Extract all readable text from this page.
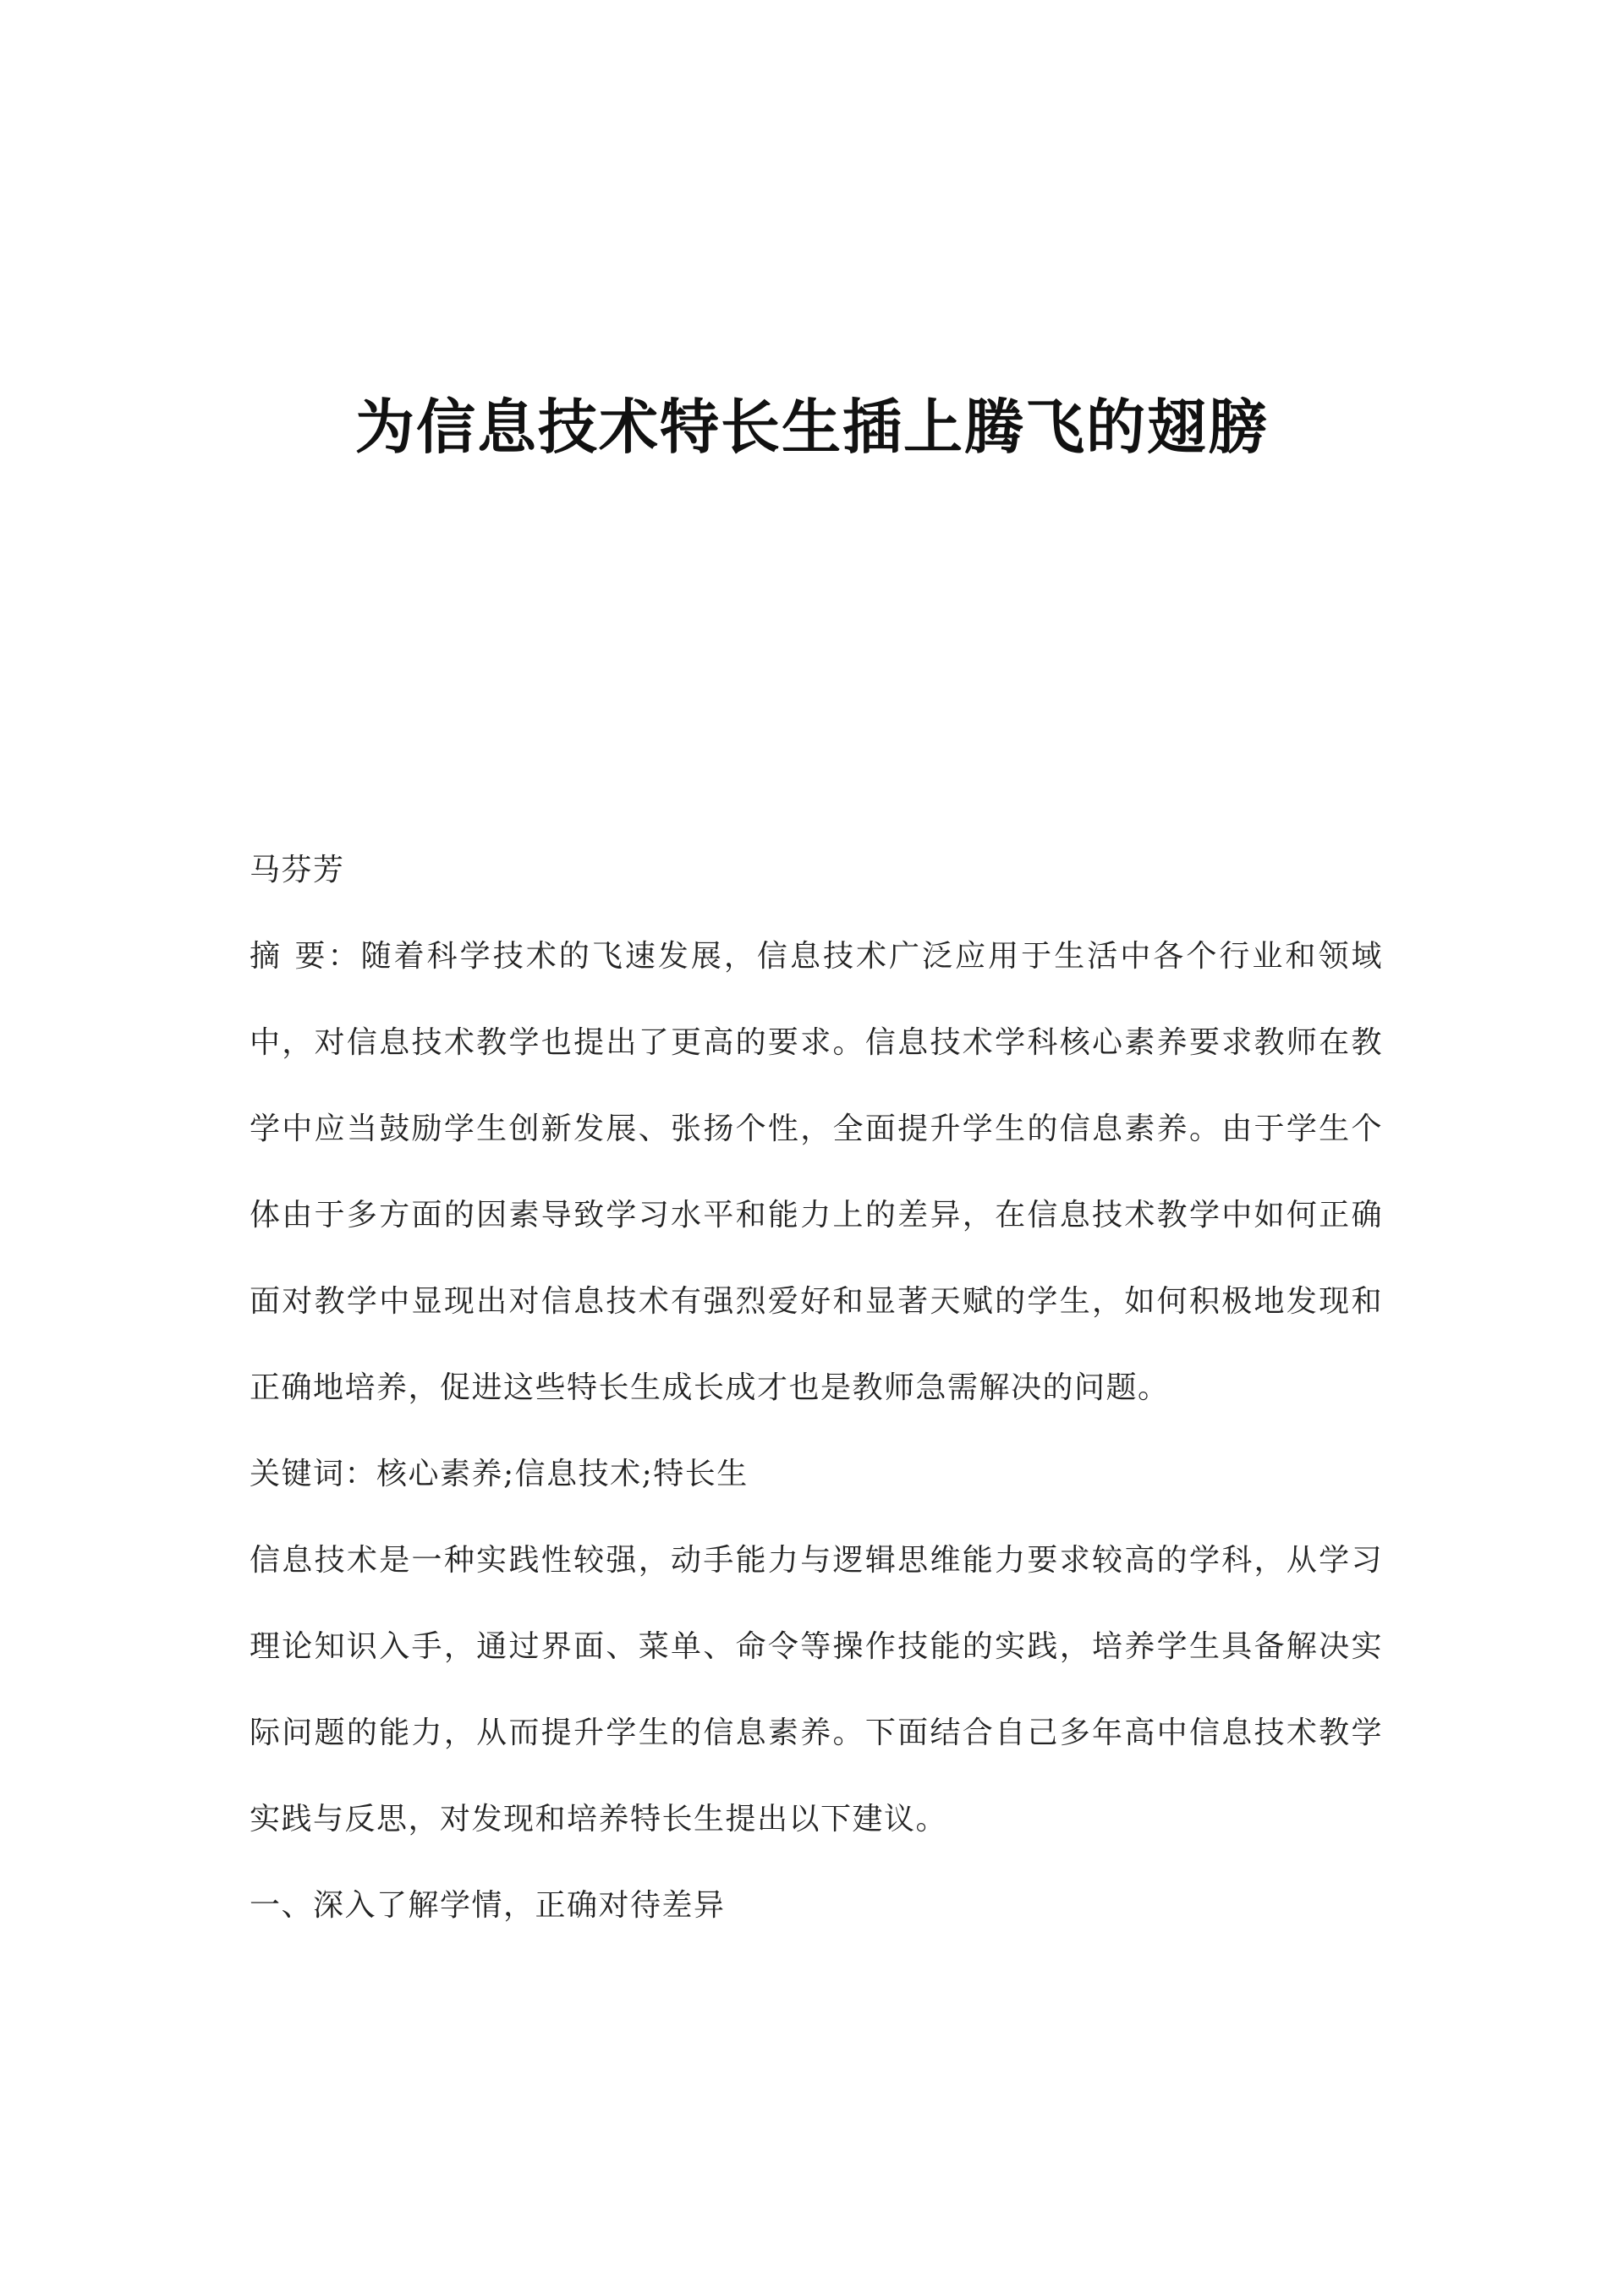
为信息技术特长生插上腾飞的翅膀

马芬芳

摘 要：随着科学技术的飞速发展，信息技术广泛应用于生活中各个行业和领域中，对信息技术教学也提出了更高的要求。信息技术学科核心素养要求教师在教学中应当鼓励学生创新发展、张扬个性，全面提升学生的信息素养。由于学生个体由于多方面的因素导致学习水平和能力上的差异，在信息技术教学中如何正确面对教学中显现出对信息技术有强烈爱好和显著天赋的学生，如何积极地发现和正确地培养，促进这些特长生成长成才也是教师急需解决的问题。

关键词：核心素养;信息技术;特长生

信息技术是一种实践性较强，动手能力与逻辑思维能力要求较高的学科，从学习理论知识入手，通过界面、菜单、命令等操作技能的实践，培养学生具备解决实际问题的能力，从而提升学生的信息素养。下面结合自己多年高中信息技术教学实践与反思，对发现和培养特长生提出以下建议。

一、深入了解学情，正确对待差异
